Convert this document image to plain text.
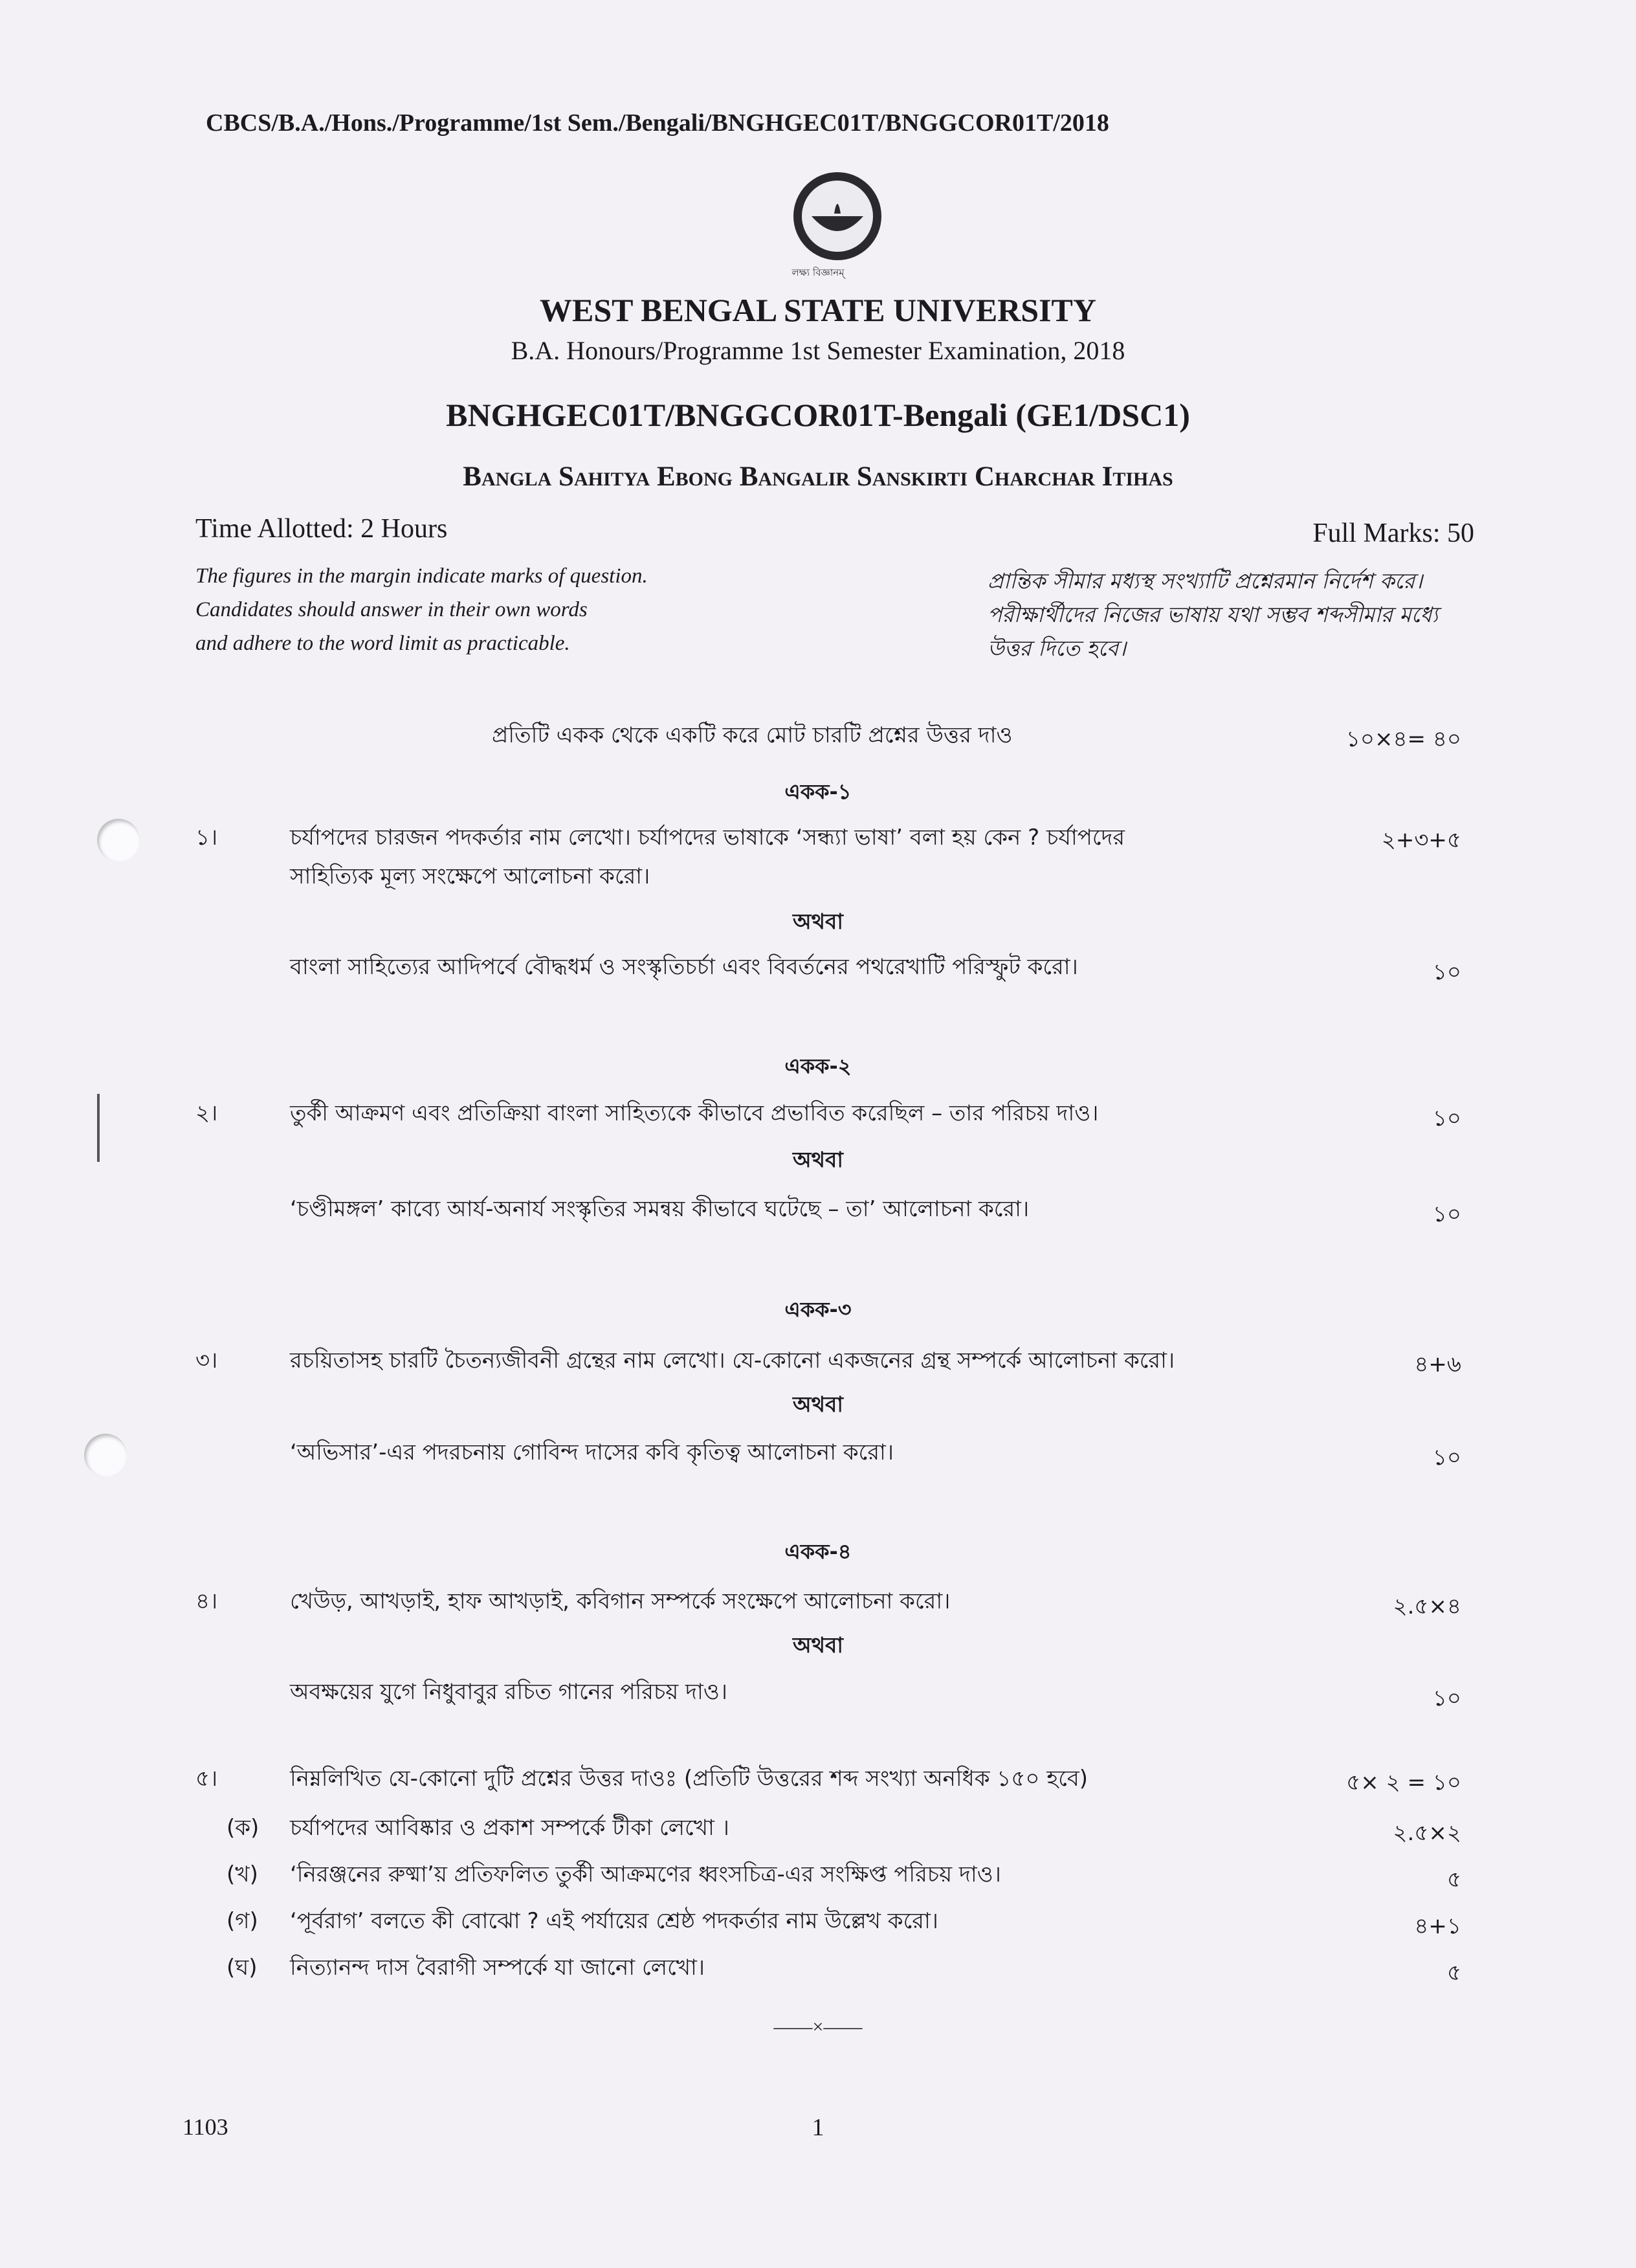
CBCS/B.A./Hons./Programme/1st Sem./Bengali/BNGHGEC01T/BNGGCOR01T/2018
লক্ষ্য বিজ্ঞানম্
WEST BENGAL STATE UNIVERSITY
B.A. Honours/Programme 1st Semester Examination, 2018
BNGHGEC01T/BNGGCOR01T-Bengali (GE1/DSC1)
Bangla Sahitya Ebong Bangalir Sanskirti Charchar Itihas
Time Allotted: 2 Hours	Full Marks: 50
The figures in the margin indicate marks of question.
Candidates should answer in their own words
and adhere to the word limit as practicable.
প্রান্তিক সীমার মধ্যস্থ সংখ্যাটি প্রশ্নেরমান নির্দেশ করে।
পরীক্ষার্থীদের নিজের ভাষায় যথা সম্ভব শব্দসীমার মধ্যে
উত্তর দিতে হবে।
প্রতিটি একক থেকে একটি করে মোট চারটি প্রশ্নের উত্তর দাও	১০×৪= ৪০
একক-১
১।	চর্যাপদের চারজন পদকর্তার নাম লেখো। চর্যাপদের ভাষাকে ‘সন্ধ্যা ভাষা’ বলা হয় কেন ? চর্যাপদের
সাহিত্যিক মূল্য সংক্ষেপে আলোচনা করো।
২+৩+৫
অথবা
বাংলা সাহিত্যের আদিপর্বে বৌদ্ধধর্ম ও সংস্কৃতিচর্চা এবং বিবর্তনের পথরেখাটি পরিস্ফুট করো।	১০
একক-২
২।	তুর্কী আক্রমণ এবং প্রতিক্রিয়া বাংলা সাহিত্যকে কীভাবে প্রভাবিত করেছিল – তার পরিচয় দাও।	১০
অথবা
‘চণ্ডীমঙ্গল’ কাব্যে আর্য-অনার্য সংস্কৃতির সমন্বয় কীভাবে ঘটেছে – তা’ আলোচনা করো।	১০
একক-৩
৩।	রচয়িতাসহ চারটি চৈতন্যজীবনী গ্রন্থের নাম লেখো। যে-কোনো একজনের গ্রন্থ সম্পর্কে আলোচনা করো।	৪+৬
অথবা
‘অভিসার’-এর পদরচনায় গোবিন্দ দাসের কবি কৃতিত্ব আলোচনা করো।	১০
একক-৪
৪।	খেউড়, আখড়াই, হাফ আখড়াই, কবিগান সম্পর্কে সংক্ষেপে আলোচনা করো।	২.৫×৪
অথবা
অবক্ষয়ের যুগে নিধুবাবুর রচিত গানের পরিচয় দাও।	১০
৫।	নিম্নলিখিত যে-কোনো দুটি প্রশ্নের উত্তর দাওঃ (প্রতিটি উত্তরের শব্দ সংখ্যা অনধিক ১৫০ হবে)	৫× ২ = ১০
(ক) চর্যাপদের আবিষ্কার ও প্রকাশ সম্পর্কে টীকা লেখো ।	২.৫×২
(খ) ‘নিরঞ্জনের রুষ্মা’য় প্রতিফলিত তুর্কী আক্রমণের ধ্বংসচিত্র-এর সংক্ষিপ্ত পরিচয় দাও।	৫
(গ) ‘পূর্বরাগ’ বলতে কী বোঝো ? এই পর্যায়ের শ্রেষ্ঠ পদকর্তার নাম উল্লেখ করো।	৪+১
(ঘ) নিত্যানন্দ দাস বৈরাগী সম্পর্কে যা জানো লেখো।	৫
——×——
1103	1
